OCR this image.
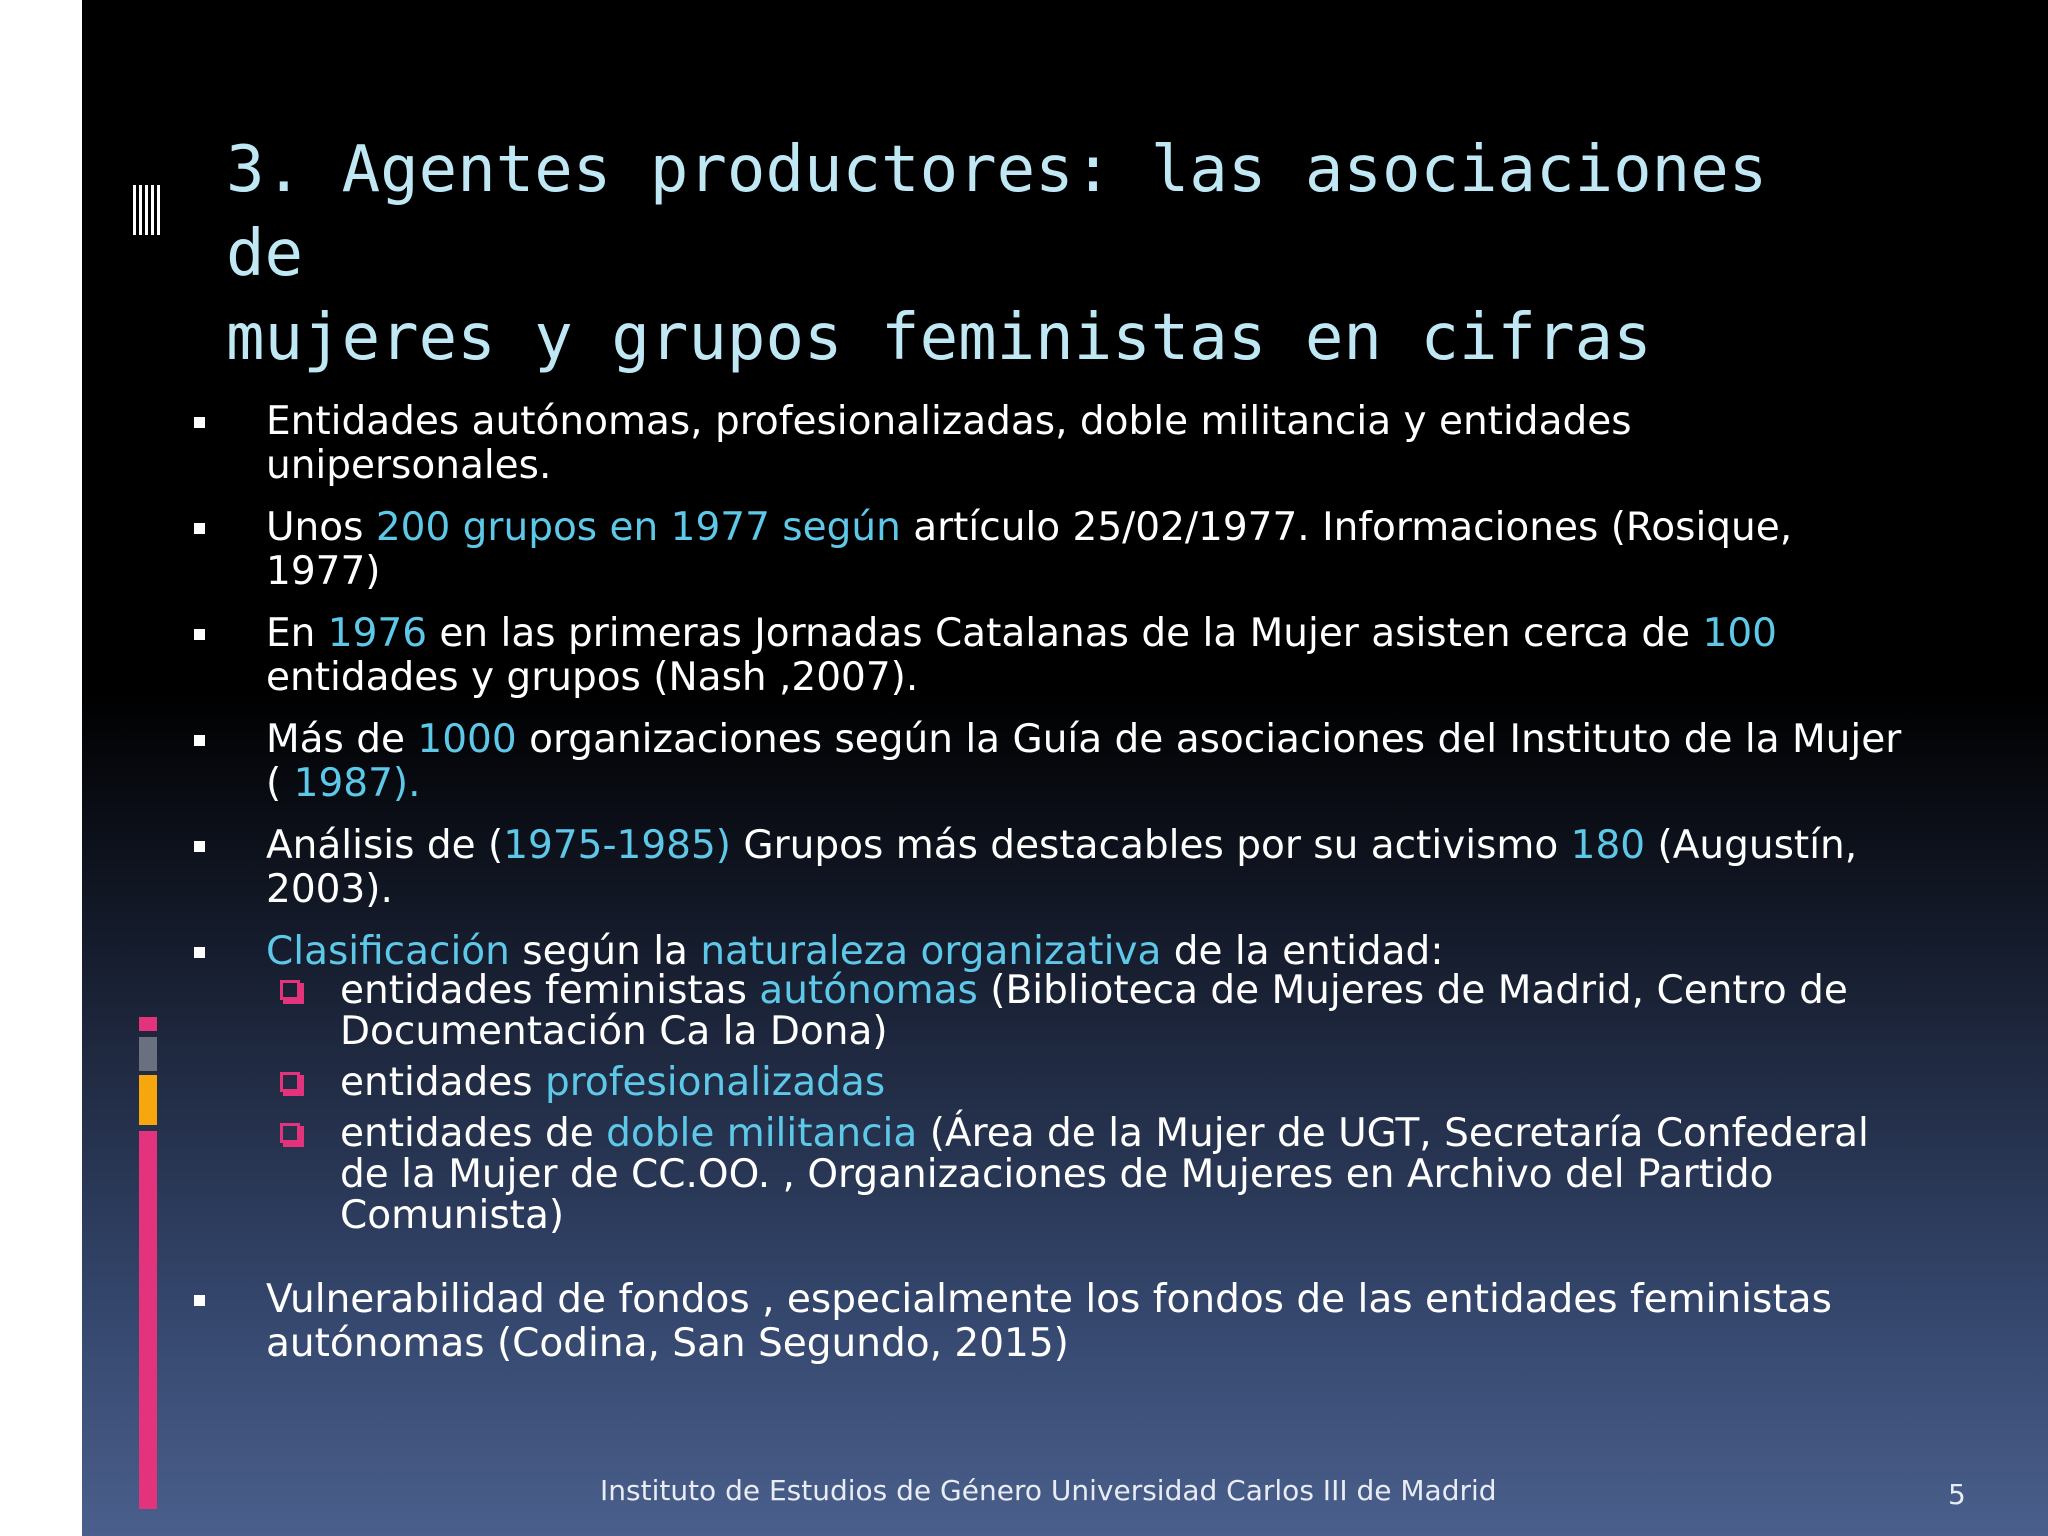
3. Agentes productores: las asociaciones de
mujeres y grupos feministas en cifras
Entidades autónomas, profesionalizadas, doble militancia y entidades unipersonales.
Unos 200 grupos en 1977 según artículo 25/02/1977. Informaciones (Rosique, 1977)
En 1976 en las primeras Jornadas Catalanas de la Mujer asisten cerca de 100 entidades y grupos (Nash ,2007).
Más de 1000 organizaciones según la Guía de asociaciones del Instituto de la Mujer ( 1987).
Análisis de (1975-1985) Grupos más destacables por su activismo 180 (Augustín, 2003).
Clasificación según la naturaleza organizativa de la entidad:
entidades feministas autónomas (Biblioteca de Mujeres de Madrid, Centro de Documentación Ca la Dona)
entidades profesionalizadas
entidades de doble militancia (Área de la Mujer de UGT, Secretaría Confederal de la Mujer de CC.OO. , Organizaciones de Mujeres en Archivo del Partido Comunista)
Vulnerabilidad de fondos , especialmente los fondos de las entidades feministas autónomas (Codina, San Segundo, 2015)
Instituto de Estudios de Género Universidad Carlos III de Madrid	5
